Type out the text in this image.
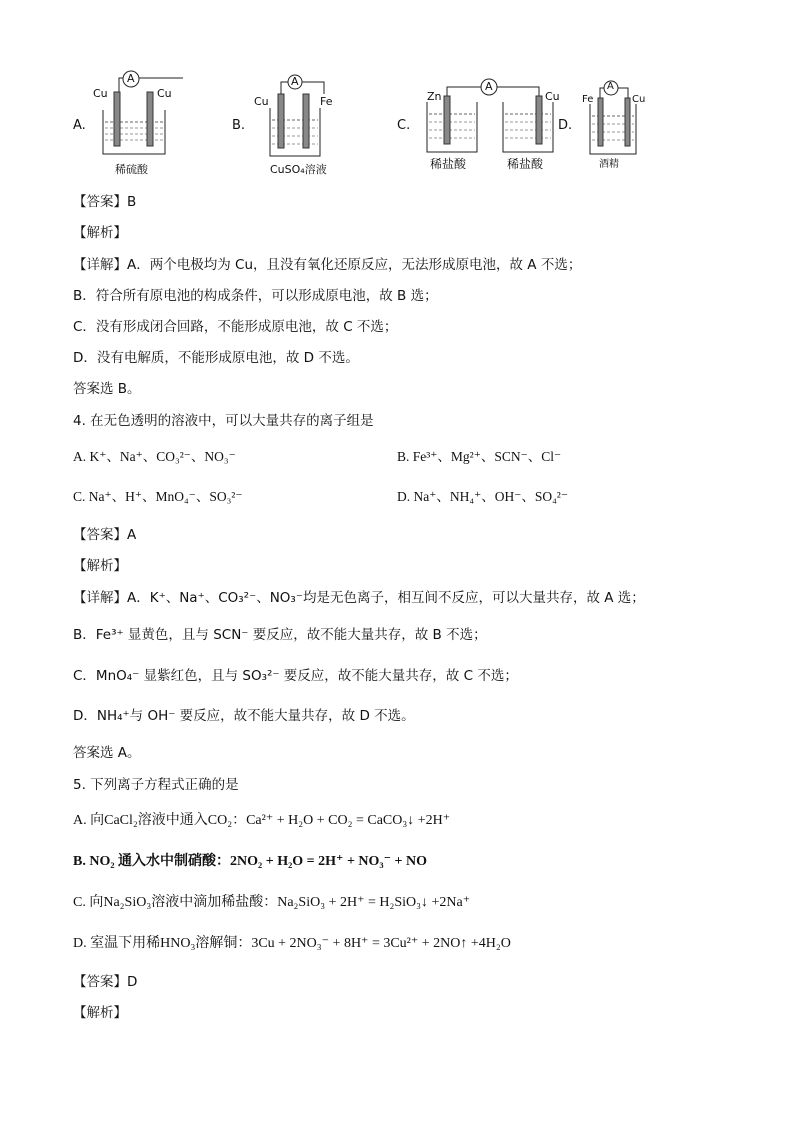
A.
A
Cu	Cu
稀硫酸
B.
A
Cu	Fe
CuSO₄溶液
C.
A
Zn	Cu
稀盐酸	稀盐酸
D.
A
Fe	Cu
酒精
【答案】B
【解析】
【详解】A．两个电极均为 Cu，且没有氧化还原反应，无法形成原电池，故 A 不选；
B．符合所有原电池的构成条件，可以形成原电池，故 B 选；
C．没有形成闭合回路，不能形成原电池，故 C 不选；
D．没有电解质，不能形成原电池，故 D 不选。
答案选 B。
4. 在无色透明的溶液中，可以大量共存的离子组是
A. K⁺、Na⁺、CO₃²⁻、NO₃⁻	B. Fe³⁺、Mg²⁺、SCN⁻、Cl⁻
C. Na⁺、H⁺、MnO₄⁻、SO₃²⁻	D. Na⁺、NH₄⁺、OH⁻、SO₄²⁻
【答案】A
【解析】
【详解】A．K⁺、Na⁺、CO₃²⁻、NO₃⁻均是无色离子，相互间不反应，可以大量共存，故 A 选；
B．Fe³⁺ 显黄色，且与 SCN⁻ 要反应，故不能大量共存，故 B 不选；
C．MnO₄⁻ 显紫红色，且与 SO₃²⁻ 要反应，故不能大量共存，故 C 不选；
D．NH₄⁺与 OH⁻ 要反应，故不能大量共存，故 D 不选。
答案选 A。
5. 下列离子方程式正确的是
A. 向CaCl₂溶液中通入CO₂：Ca²⁺ + H₂O + CO₂ = CaCO₃↓ +2H⁺
B. NO₂ 通入水中制硝酸：2NO₂ + H₂O = 2H⁺ + NO₃⁻ + NO
C. 向Na₂SiO₃溶液中滴加稀盐酸：Na₂SiO₃ + 2H⁺ = H₂SiO₃↓ +2Na⁺
D. 室温下用稀HNO₃溶解铜：3Cu + 2NO₃⁻ + 8H⁺ = 3Cu²⁺ + 2NO↑ +4H₂O
【答案】D
【解析】
